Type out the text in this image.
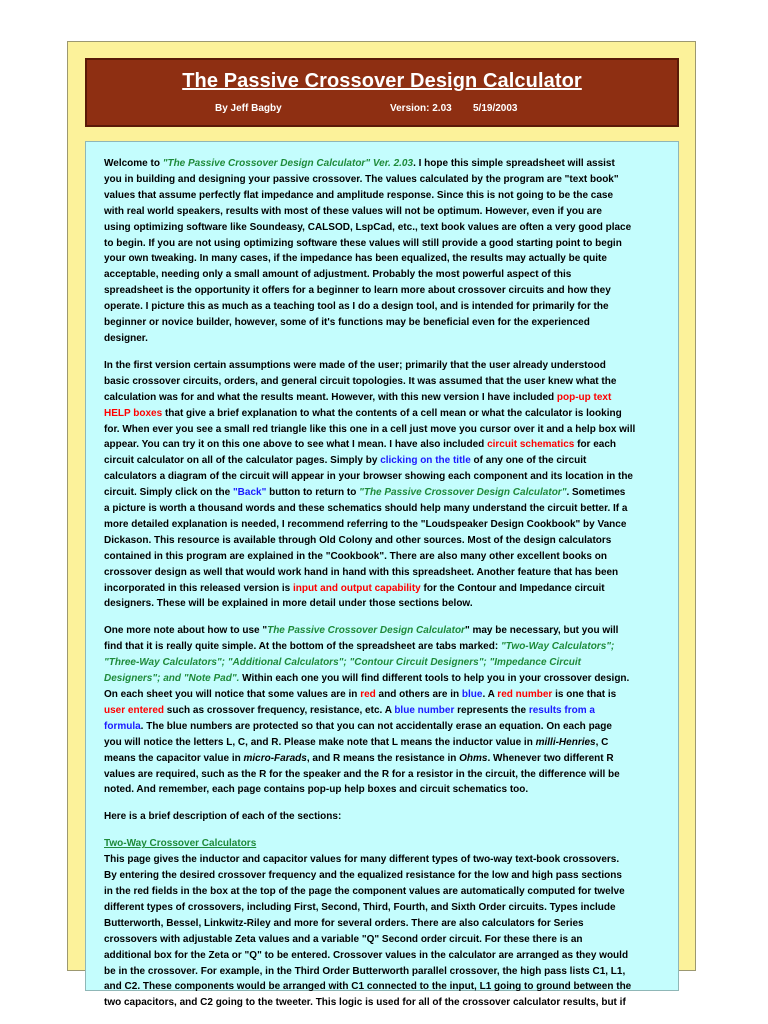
The Passive Crossover Design Calculator
By Jeff Bagby	Version: 2.03 5/19/2003

Welcome to "The Passive Crossover Design Calculator" Ver. 2.03. I hope this simple spreadsheet will assist
you in building and designing your passive crossover. The values calculated by the program are "text book"
values that assume perfectly flat impedance and amplitude response. Since this is not going to be the case
with real world speakers, results with most of these values will not be optimum. However, even if you are
using optimizing software like Soundeasy, CALSOD, LspCad, etc., text book values are often a very good place
to begin. If you are not using optimizing software these values will still provide a good starting point to begin
your own tweaking. In many cases, if the impedance has been equalized, the results may actually be quite
acceptable, needing only a small amount of adjustment. Probably the most powerful aspect of this
spreadsheet is the opportunity it offers for a beginner to learn more about crossover circuits and how they
operate. I picture this as much as a teaching tool as I do a design tool, and is intended for primarily for the
beginner or novice builder, however, some of it's functions may be beneficial even for the experienced
designer.

In the first version certain assumptions were made of the user; primarily that the user already understood
basic crossover circuits, orders, and general circuit topologies. It was assumed that the user knew what the
calculation was for and what the results meant. However, with this new version I have included pop-up text
HELP boxes that give a brief explanation to what the contents of a cell mean or what the calculator is looking
for. When ever you see a small red triangle like this one in a cell just move you cursor over it and a help box will
appear. You can try it on this one above to see what I mean. I have also included circuit schematics for each
circuit calculator on all of the calculator pages. Simply by clicking on the title of any one of the circuit
calculators a diagram of the circuit will appear in your browser showing each component and its location in the
circuit. Simply click on the "Back" button to return to "The Passive Crossover Design Calculator". Sometimes
a picture is worth a thousand words and these schematics should help many understand the circuit better. If a
more detailed explanation is needed, I recommend referring to the "Loudspeaker Design Cookbook" by Vance
Dickason. This resource is available through Old Colony and other sources. Most of the design calculators
contained in this program are explained in the "Cookbook". There are also many other excellent books on
crossover design as well that would work hand in hand with this spreadsheet. Another feature that has been
incorporated in this released version is input and output capability for the Contour and Impedance circuit
designers. These will be explained in more detail under those sections below.

One more note about how to use "The Passive Crossover Design Calculator" may be necessary, but you will
find that it is really quite simple. At the bottom of the spreadsheet are tabs marked: "Two-Way Calculators";
"Three-Way Calculators"; "Additional Calculators"; "Contour Circuit Designers"; "Impedance Circuit
Designers"; and "Note Pad". Within each one you will find different tools to help you in your crossover design.
On each sheet you will notice that some values are in red and others are in blue. A red number is one that is
user entered such as crossover frequency, resistance, etc. A blue number represents the results from a
formula. The blue numbers are protected so that you can not accidentally erase an equation. On each page
you will notice the letters L, C, and R. Please make note that L means the inductor value in milli-Henries, C
means the capacitor value in micro-Farads, and R means the resistance in Ohms. Whenever two different R
values are required, such as the R for the speaker and the R for a resistor in the circuit, the difference will be
noted. And remember, each page contains pop-up help boxes and circuit schematics too.

Here is a brief description of each of the sections:

Two-Way Crossover Calculators
This page gives the inductor and capacitor values for many different types of two-way text-book crossovers.
By entering the desired crossover frequency and the equalized resistance for the low and high pass sections
in the red fields in the box at the top of the page the component values are automatically computed for twelve
different types of crossovers, including First, Second, Third, Fourth, and Sixth Order circuits. Types include
Butterworth, Bessel, Linkwitz-Riley and more for several orders. There are also calculators for Series
crossovers with adjustable Zeta values and a variable "Q" Second order circuit. For these there is an
additional box for the Zeta or "Q" to be entered. Crossover values in the calculator are arranged as they would
be in the crossover. For example, in the Third Order Butterworth parallel crossover, the high pass lists C1, L1,
and C2. These components would be arranged with C1 connected to the input, L1 going to ground between the
two capacitors, and C2 going to the tweeter. This logic is used for all of the crossover calculator results, but if
